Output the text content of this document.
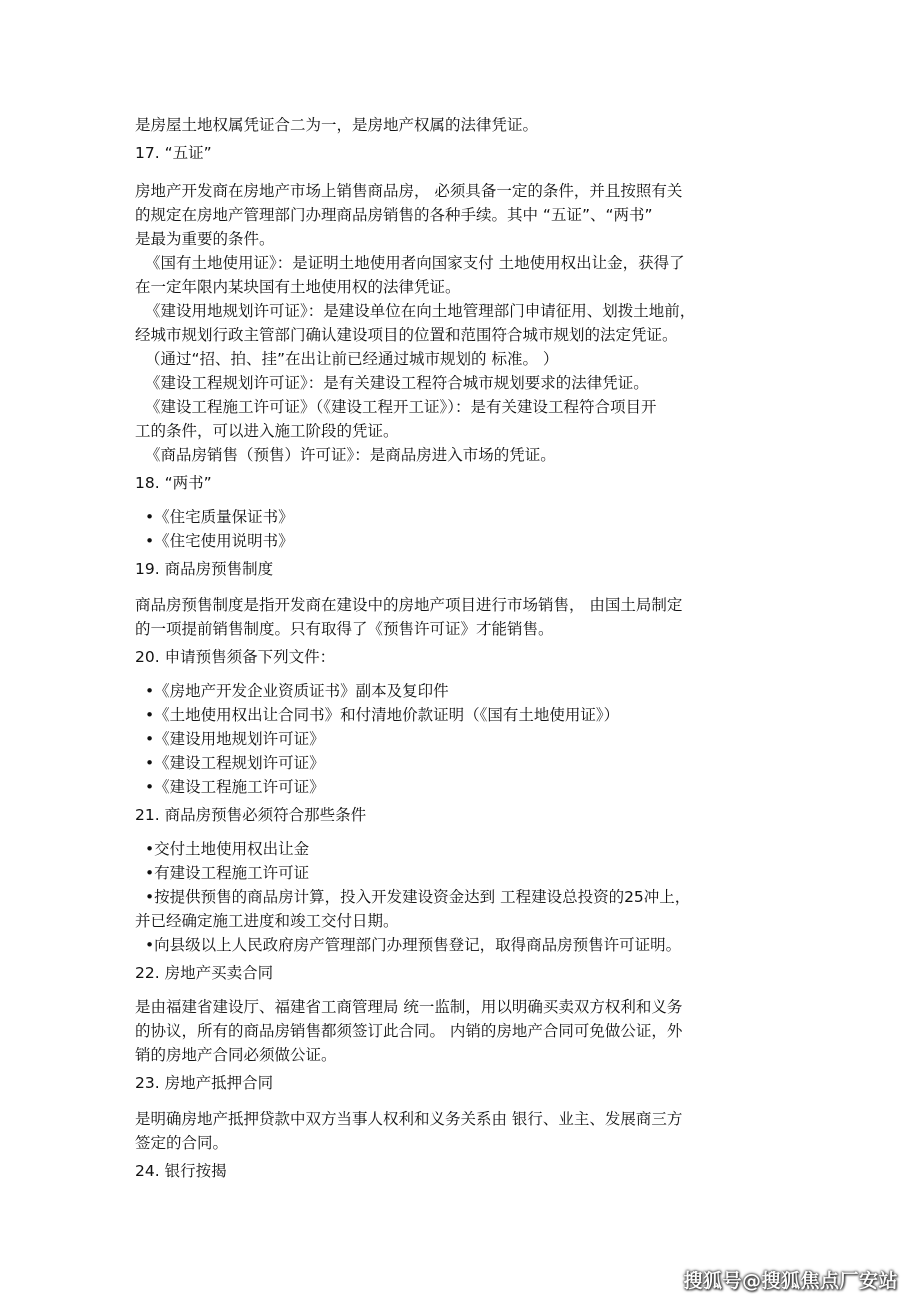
是房屋土地权属凭证合二为一，是房地产权属的法律凭证。
17. “五证”
房地产开发商在房地产市场上销售商品房， 必须具备一定的条件，并且按照有关
的规定在房地产管理部门办理商品房销售的各种手续。其中 “五证”、“两书”
是最为重要的条件。
《国有土地使用证》：是证明土地使用者向国家支付 土地使用权出让金，获得了
在一定年限内某块国有土地使用权的法律凭证。
《建设用地规划许可证》：是建设单位在向土地管理部门申请征用、划拨土地前，
经城市规划行政主管部门确认建设项目的位置和范围符合城市规划的法定凭证。
（通过“招、拍、挂”在出让前已经通过城市规划的 标准。 ）
《建设工程规划许可证》：是有关建设工程符合城市规划要求的法律凭证。
《建设工程施工许可证》（《建设工程开工证》）：是有关建设工程符合项目开
工的条件，可以进入施工阶段的凭证。
《商品房销售（预售）许可证》：是商品房进入市场的凭证。
18. “两书”
•《住宅质量保证书》
•《住宅使用说明书》
19. 商品房预售制度
商品房预售制度是指开发商在建设中的房地产项目进行市场销售， 由国土局制定
的一项提前销售制度。只有取得了《预售许可证》才能销售。
20. 申请预售须备下列文件：
•《房地产开发企业资质证书》副本及复印件
•《土地使用权出让合同书》和付清地价款证明（《国有土地使用证》）
•《建设用地规划许可证》
•《建设工程规划许可证》
•《建设工程施工许可证》
21. 商品房预售必须符合那些条件
•交付土地使用权出让金
•有建设工程施工许可证
•按提供预售的商品房计算，投入开发建设资金达到 工程建设总投资的25冲上，
并已经确定施工进度和竣工交付日期。
•向县级以上人民政府房产管理部门办理预售登记，取得商品房预售许可证明。
22. 房地产买卖合同
是由福建省建设厅、福建省工商管理局 统一监制，用以明确买卖双方权利和义务
的协议，所有的商品房销售都须签订此合同。 内销的房地产合同可免做公证，外
销的房地产合同必须做公证。
23. 房地产抵押合同
是明确房地产抵押贷款中双方当事人权利和义务关系由 银行、业主、发展商三方
签定的合同。
24. 银行按揭
搜狐号@搜狐焦点厂安站
